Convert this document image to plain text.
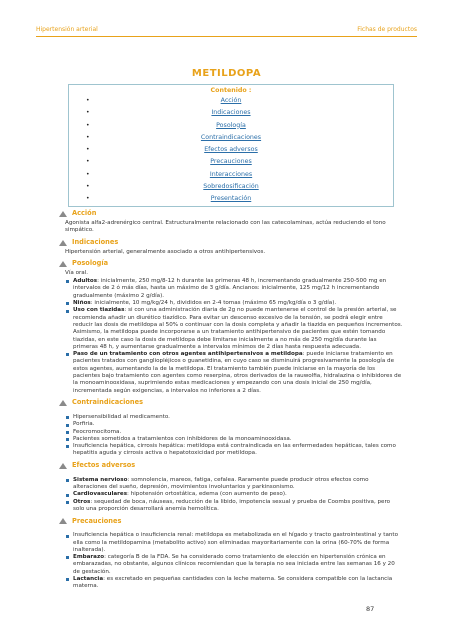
Hipertensión arterial	Fichas de productos
METILDOPA
Contenido :
•	Acción
•	Indicaciones
•	Posología
•	Contraindicaciones
•	Efectos adversos
•	Precauciones
•	Interacciones
•	Sobredosificación
•	Presentación
Acción
Agonista alfa2-adrenérgico central. Estructuralmente relacionado con las catecolaminas, actúa reduciendo el tono simpático.
Indicaciones
Hipertensión arterial, generalmente asociado a otros antihipertensivos.
Posología
Vía oral.
Adultos: inicialmente, 250 mg/8-12 h durante las primeras 48 h, incrementando gradualmente 250-500 mg en intervalos de 2 ó más días, hasta un máximo de 3 g/día. Ancianos: inicialmente, 125 mg/12 h incrementando gradualmente (máximo 2 g/día).
Niños: inicialmente, 10 mg/kg/24 h, divididos en 2-4 tomas (máximo 65 mg/kg/día o 3 g/día).
Uso con tiazidas: si con una administración diaria de 2g no puede mantenerse el control de la presión arterial, se recomienda añadir un diurético tiazídico. Para evitar un descenso excesivo de la tensión, se podrá elegir entre reducir las dosis de metildopa al 50% o continuar con la dosis completa y añadir la tiazida en pequeños incrementos. Asimismo, la metildopa puede incorporarse a un tratamiento antihipertensivo de pacientes que estén tomando tiazidas, en este caso la dosis de metildopa debe limitarse inicialmente a no más de 250 mg/día durante las primeras 48 h, y aumentarse gradualmente a intervalos mínimos de 2 días hasta respuesta adecuada.
Paso de un tratamiento con otros agentes antihipertensivos a metildopa: puede iniciarse tratamiento en pacientes tratados con gangliopléjicos o guanetidina, en cuyo caso se disminuirá progresivamente la posología de estos agentes, aumentando la de la metildopa. El tratamiento también puede iniciarse en la mayoría de los pacientes bajo tratamiento con agentes como reserpina, otros derivados de la rauwolfia, hidralazina o inhibidores de la monoaminooxidasa, suprimiendo estas medicaciones y empezando con una dosis inicial de 250 mg/día, incrementada según exigencias, a intervalos no inferiores a 2 días.
Contraindicaciones
Hipersensibilidad al medicamento.
Porfiria.
Feocromocitoma.
Pacientes sometidos a tratamientos con inhibidores de la monoaminooxidasa.
Insuficiencia hepática, cirrosis hepática: metildopa está contraindicada en las enfermedades hepáticas, tales como hepatitis aguda y cirrosis activa o hepatotoxicidad por metildopa.
Efectos adversos
Sistema nervioso: somnolencia, mareos, fatiga, cefalea. Raramente puede producir otros efectos como alteraciones del sueño, depresión, movimientos involuntarios y parkinsonismo.
Cardiovasculares: hipotensión ortostática, edema (con aumento de peso).
Otros: sequedad de boca, náuseas, reducción de la libido, impotencia sexual y prueba de Coombs positiva, pero solo una proporción desarrollará anemia hemolítica.
Precauciones
Insuficiencia hepática o insuficiencia renal: metildopa es metabolizada en el hígado y tracto gastrointestinal y tanto ella como la metildopamina (metabolito activo) son eliminadas mayoritariamente con la orina (60-70% de forma inalterada).
Embarazo: categoría B de la FDA. Se ha considerado como tratamiento de elección en hipertensión crónica en embarazadas, no obstante, algunos clínicos recomiendan que la terapia no sea iniciada entre las semanas 16 y 20 de gestación.
Lactancia: es excretado en pequeñas cantidades con la leche materna. Se considera compatible con la lactancia materna.
87
